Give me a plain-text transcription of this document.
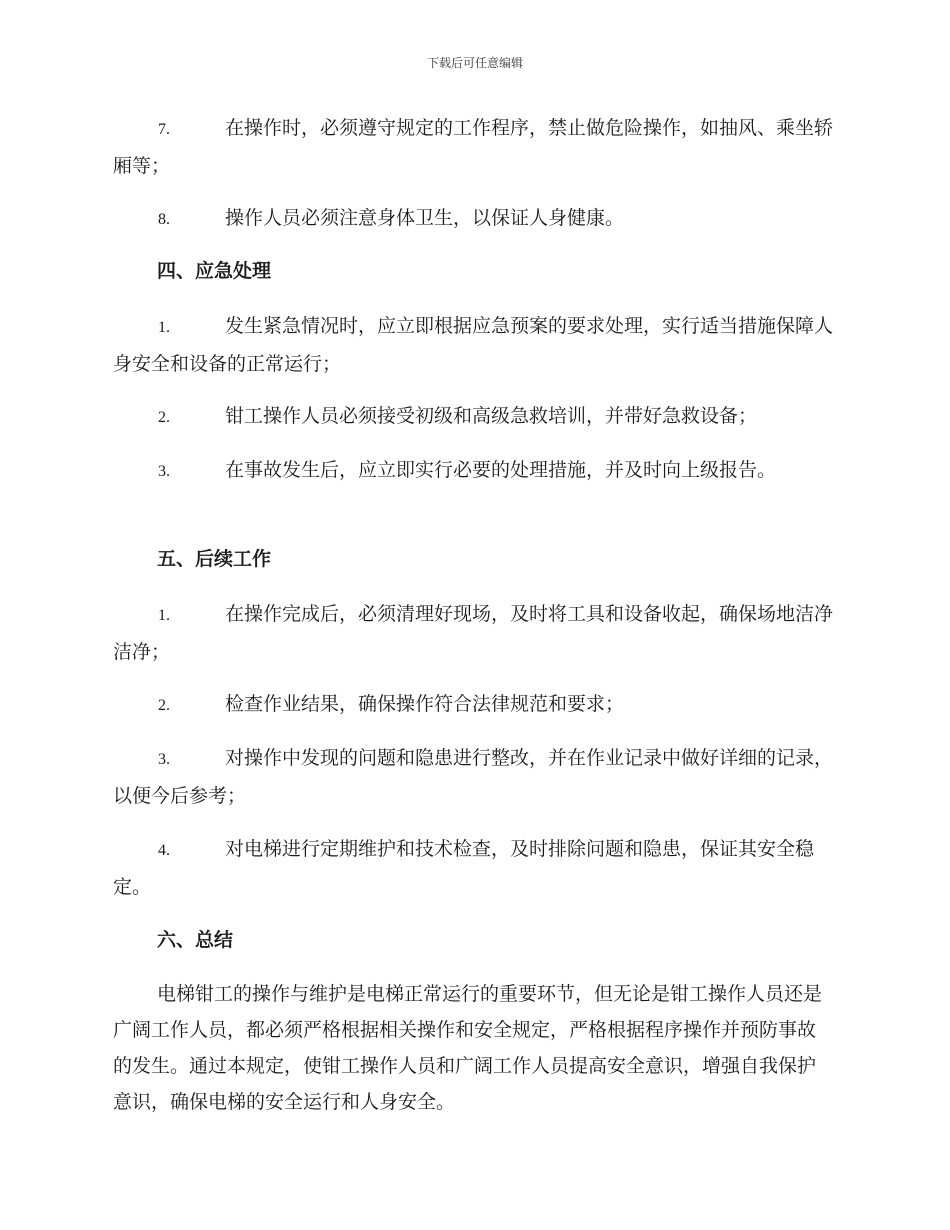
下载后可任意编辑
7.	在操作时，必须遵守规定的工作程序，禁止做危险操作，如抽风、乘坐轿厢等；
8.	操作人员必须注意身体卫生，以保证人身健康。
四、应急处理
1.	发生紧急情况时，应立即根据应急预案的要求处理，实行适当措施保障人身安全和设备的正常运行；
2.	钳工操作人员必须接受初级和高级急救培训，并带好急救设备；
3.	在事故发生后，应立即实行必要的处理措施，并及时向上级报告。
五、后续工作
1.	在操作完成后，必须清理好现场，及时将工具和设备收起，确保场地洁净洁净；
2.	检查作业结果，确保操作符合法律规范和要求；
3.	对操作中发现的问题和隐患进行整改，并在作业记录中做好详细的记录，以便今后参考；
4.	对电梯进行定期维护和技术检查，及时排除问题和隐患，保证其安全稳定。
六、总结
电梯钳工的操作与维护是电梯正常运行的重要环节，但无论是钳工操作人员还是广阔工作人员，都必须严格根据相关操作和安全规定，严格根据程序操作并预防事故的发生。通过本规定，使钳工操作人员和广阔工作人员提高安全意识，增强自我保护意识，确保电梯的安全运行和人身安全。
